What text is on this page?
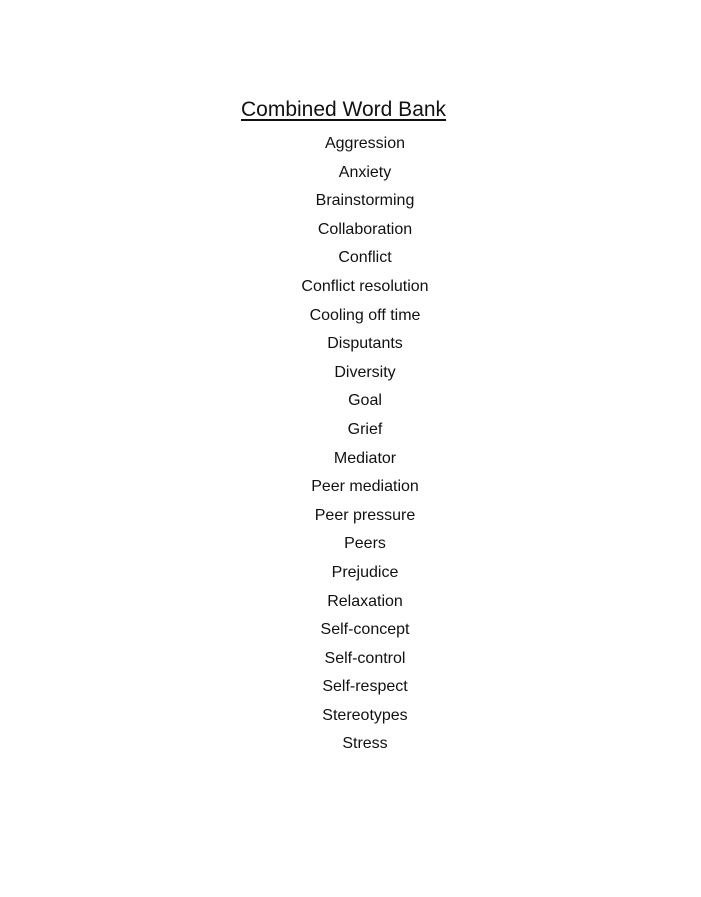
Combined Word Bank
Aggression
Anxiety
Brainstorming
Collaboration
Conflict
Conflict resolution
Cooling off time
Disputants
Diversity
Goal
Grief
Mediator
Peer mediation
Peer pressure
Peers
Prejudice
Relaxation
Self-concept
Self-control
Self-respect
Stereotypes
Stress
